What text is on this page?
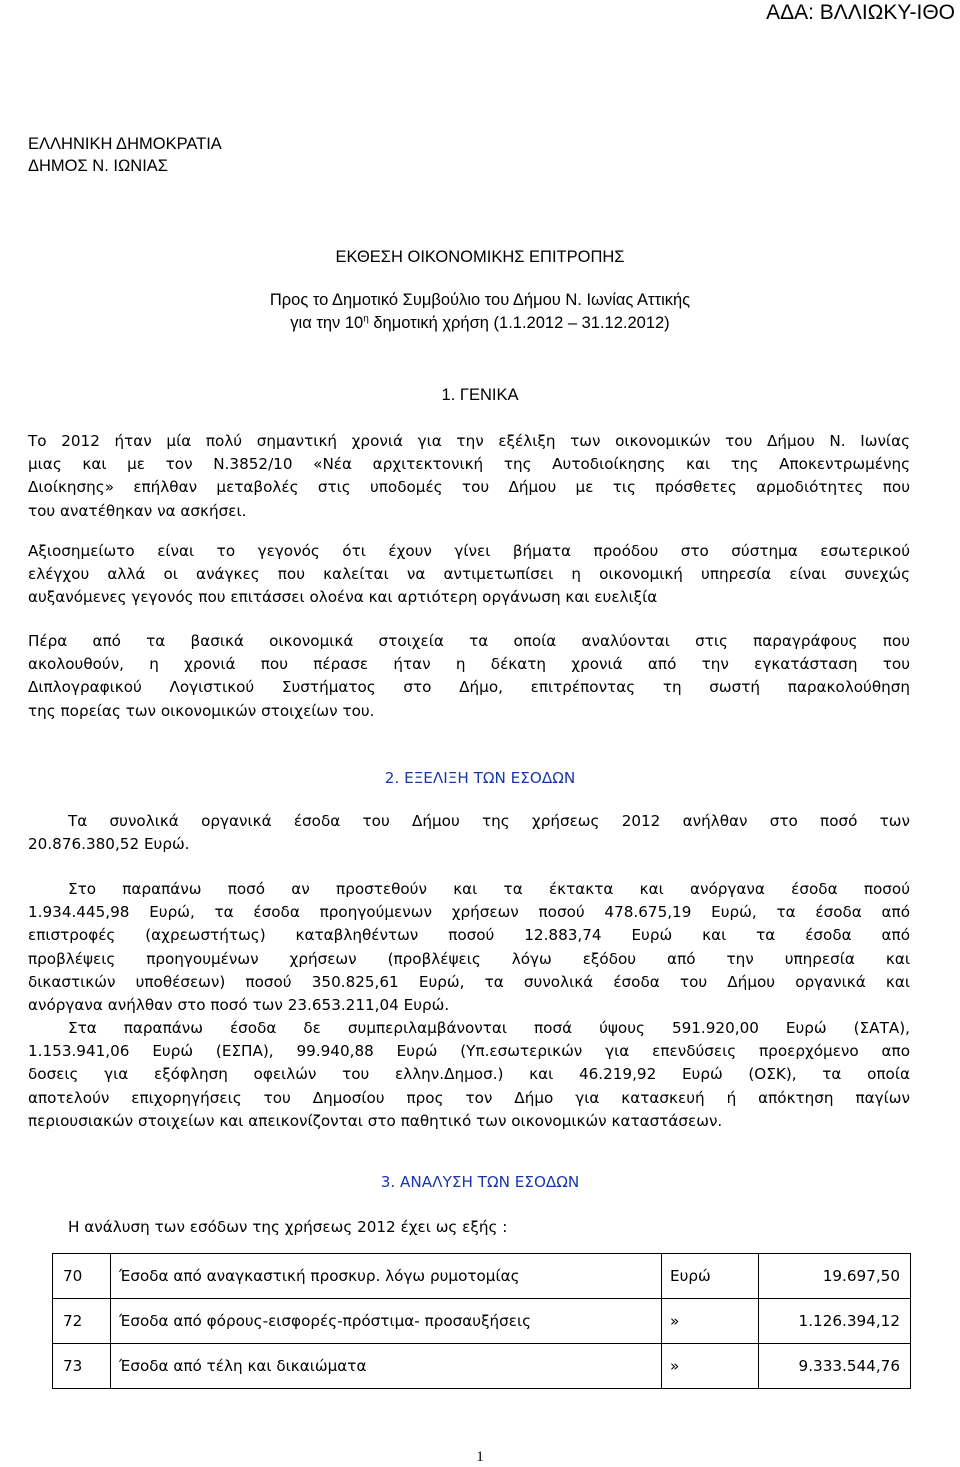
ΑΔΑ: ΒΛΛΙΩΚΥ-ΙΘΟ
ΕΛΛΗΝΙΚΗ ΔΗΜΟΚΡΑΤΙΑ
ΔΗΜΟΣ Ν. ΙΩΝΙΑΣ
ΕΚΘΕΣΗ ΟΙΚΟΝΟΜΙΚΗΣ ΕΠΙΤΡΟΠΗΣ
Προς το Δημοτικό Συμβούλιο του Δήμου Ν. Ιωνίας Αττικής
για την $10^\eta$ δημοτική χρήση (1.1.2012 – 31.12.2012)
1. ΓΕΝΙΚΑ
Το 2012 ήταν μία πολύ σημαντική χρονιά για την εξέλιξη των οικονομικών του Δήμου Ν. Ιωνίας
μιας και με τον Ν.3852/10 «Νέα αρχιτεκτονική της Αυτοδιοίκησης και της Αποκεντρωμένης
Διοίκησης» επήλθαν μεταβολές στις υποδομές του Δήμου με τις πρόσθετες αρμοδιότητες που
του ανατέθηκαν να ασκήσει.
Αξιοσημείωτο είναι το γεγονός ότι έχουν γίνει βήματα προόδου στο σύστημα εσωτερικού
ελέγχου αλλά οι ανάγκες που καλείται να αντιμετωπίσει η οικονομική υπηρεσία είναι συνεχώς
αυξανόμενες γεγονός που επιτάσσει ολοένα και αρτιότερη οργάνωση και ευελιξία
Πέρα από τα βασικά οικονομικά στοιχεία τα οποία αναλύονται στις παραγράφους που
ακολουθούν, η χρονιά που πέρασε ήταν η δέκατη χρονιά από την εγκατάσταση του
Διπλογραφικού Λογιστικού Συστήματος στο Δήμο, επιτρέποντας τη σωστή παρακολούθηση
της πορείας των οικονομικών στοιχείων του.
2. ΕΞΕΛΙΞΗ ΤΩΝ ΕΣΟΔΩΝ
Τα συνολικά οργανικά έσοδα του Δήμου της χρήσεως 2012 ανήλθαν στο ποσό των
20.876.380,52 Ευρώ.
Στο παραπάνω ποσό αν προστεθούν και τα έκτακτα και ανόργανα έσοδα ποσού
1.934.445,98 Ευρώ, τα έσοδα προηγούμενων χρήσεων ποσού 478.675,19 Ευρώ, τα έσοδα από
επιστροφές (αχρεωστήτως) καταβληθέντων ποσού 12.883,74 Ευρώ και τα έσοδα από
προβλέψεις προηγουμένων χρήσεων (προβλέψεις λόγω εξόδου από την υπηρεσία και
δικαστικών υποθέσεων) ποσού 350.825,61 Ευρώ, τα συνολικά έσοδα του Δήμου οργανικά και
ανόργανα ανήλθαν στο ποσό των 23.653.211,04 Ευρώ.
Στα παραπάνω έσοδα δε συμπεριλαμβάνονται ποσά ύψους 591.920,00 Ευρώ (ΣΑΤΑ),
1.153.941,06 Ευρώ (ΕΣΠΑ), 99.940,88 Ευρώ (Υπ.εσωτερικών για επενδύσεις προερχόμενο απο
δοσεις για εξόφληση οφειλών του ελλην.Δημοσ.) και 46.219,92 Ευρώ (ΟΣΚ), τα οποία
αποτελούν επιχορηγήσεις του Δημοσίου προς τον Δήμο για κατασκευή ή απόκτηση παγίων
περιουσιακών στοιχείων και απεικονίζονται στο παθητικό των οικονομικών καταστάσεων.
3. ΑΝΑΛΥΣΗ ΤΩΝ ΕΣΟΔΩΝ
Η ανάλυση των εσόδων της χρήσεως 2012 έχει ως εξής :
70	Έσοδα από αναγκαστική προσκυρ. λόγω ρυμοτομίας	Ευρώ	19.697,50
72	Έσοδα από φόρους-εισφορές-πρόστιμα- προσαυξήσεις	»	1.126.394,12
73	Έσοδα από τέλη και δικαιώματα	»	9.333.544,76
1
